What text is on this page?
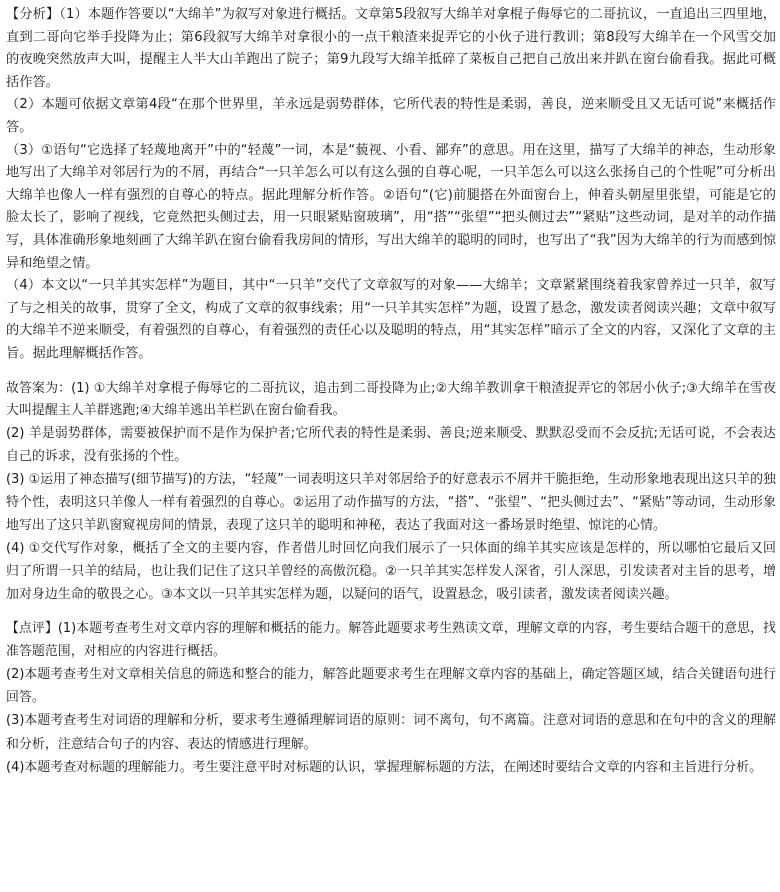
【分析】（1）本题作答要以“大绵羊”为叙写对象进行概括。文章第5段叙写大绵羊对拿棍子侮辱它的二哥抗议，一直追出三四里地，直到二哥向它举手投降为止；第6段叙写大绵羊对拿很小的一点干粮渣来捉弄它的小伙子进行教训；第8段写大绵羊在一个风雪交加的夜晚突然放声大叫，提醒主人半大山羊跑出了院子；第9九段写大绵羊抵碎了菜板自己把自己放出来并趴在窗台偷看我。据此可概括作答。

（2）本题可依据文章第4段“在那个世界里，羊永远是弱势群体，它所代表的特性是柔弱，善良，逆来顺受且又无话可说”来概括作答。

（3）①语句“它选择了轻蔑地离开”中的“轻蔑”一词，本是“藐视、小看、鄙弃”的意思。用在这里，描写了大绵羊的神态，生动形象地写出了大绵羊对邻居行为的不屑，再结合“一只羊怎么可以有这么强的自尊心呢，一只羊怎么可以这么张扬自己的个性呢”可分析出大绵羊也像人一样有强烈的自尊心的特点。据此理解分析作答。②语句“(它)前腿搭在外面窗台上，伸着头朝屋里张望，可能是它的脸太长了，影响了视线，它竟然把头侧过去，用一只眼紧贴窗玻璃”，用“搭”“张望”“把头侧过去”“紧贴”这些动词，是对羊的动作描写，具体准确形象地刻画了大绵羊趴在窗台偷看我房间的情形，写出大绵羊的聪明的同时，也写出了“我”因为大绵羊的行为而感到惊异和绝望之情。

（4）本文以“一只羊其实怎样”为题目，其中“一只羊”交代了文章叙写的对象——大绵羊；文章紧紧围绕着我家曾养过一只羊，叙写了与之相关的故事，贯穿了全文，构成了文章的叙事线索；用“一只羊其实怎样”为题，设置了悬念，激发读者阅读兴趣；文章中叙写的大绵羊不逆来顺受，有着强烈的自尊心，有着强烈的责任心以及聪明的特点，用“其实怎样”暗示了全文的内容，又深化了文章的主旨。据此理解概括作答。

故答案为：(1) ①大绵羊对拿棍子侮辱它的二哥抗议，追击到二哥投降为止;②大绵羊教训拿干粮渣捉弄它的邻居小伙子;③大绵羊在雪夜大叫提醒主人羊群逃跑;④大绵羊逃出羊栏趴在窗台偷看我。

(2) 羊是弱势群体，需要被保护而不是作为保护者;它所代表的特性是柔弱、善良;逆来顺受、默默忍受而不会反抗;无话可说，不会表达自己的诉求，没有张扬的个性。

(3) ①运用了神态描写(细节描写)的方法，“轻蔑”一词表明这只羊对邻居给予的好意表示不屑并干脆拒绝，生动形象地表现出这只羊的独特个性，表明这只羊像人一样有着强烈的自尊心。②运用了动作描写的方法，“搭”、“张望”、“把头侧过去”、“紧贴”等动词，生动形象地写出了这只羊趴窗窥视房间的情景，表现了这只羊的聪明和神秘，表达了我面对这一番场景时绝望、惊诧的心情。

(4) ①交代写作对象，概括了全文的主要内容，作者借儿时回忆向我们展示了一只体面的绵羊其实应该是怎样的，所以哪怕它最后又回归了所谓一只羊的结局，也让我们记住了这只羊曾经的高傲沉稳。②一只羊其实怎样发人深省，引人深思，引发读者对主旨的思考，增加对身边生命的敬畏之心。③本文以一只羊其实怎样为题，以疑问的语气，设置悬念，吸引读者，激发读者阅读兴趣。

【点评】(1)本题考查考生对文章内容的理解和概括的能力。解答此题要求考生熟读文章，理解文章的内容，考生要结合题干的意思，找准答题范围，对相应的内容进行概括。

(2)本题考查考生对文章相关信息的筛选和整合的能力，解答此题要求考生在理解文章内容的基础上，确定答题区域，结合关键语句进行回答。

(3)本题考查考生对词语的理解和分析，要求考生遵循理解词语的原则：词不离句，句不离篇。注意对词语的意思和在句中的含义的理解和分析，注意结合句子的内容、表达的情感进行理解。

(4)本题考查对标题的理解能力。考生要注意平时对标题的认识，掌握理解标题的方法，在阐述时要结合文章的内容和主旨进行分析。
